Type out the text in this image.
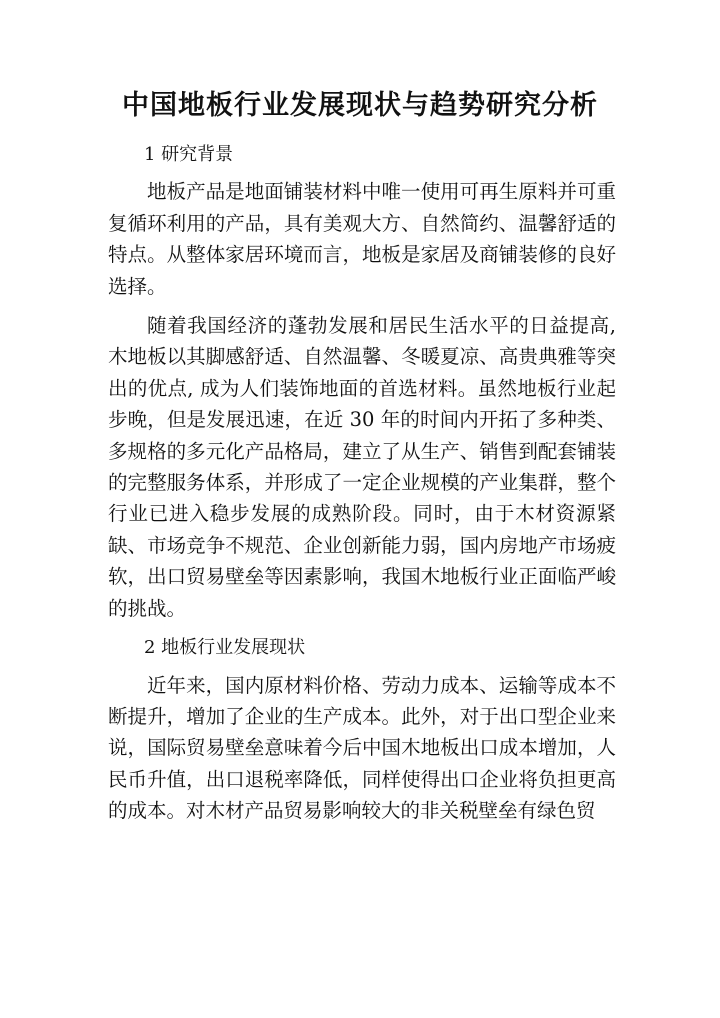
中国地板行业发展现状与趋势研究分析

1 研究背景

地板产品是地面铺装材料中唯一使用可再生原料并可重复循环利用的产品，具有美观大方、自然简约、温馨舒适的特点。从整体家居环境而言，地板是家居及商铺装修的良好选择。

随着我国经济的蓬勃发展和居民生活水平的日益提高, 木地板以其脚感舒适、自然温馨、冬暖夏凉、高贵典雅等突出的优点, 成为人们装饰地面的首选材料。虽然地板行业起步晚，但是发展迅速，在近 30 年的时间内开拓了多种类、多规格的多元化产品格局，建立了从生产、销售到配套铺装的完整服务体系，并形成了一定企业规模的产业集群，整个行业已进入稳步发展的成熟阶段。同时，由于木材资源紧缺、市场竞争不规范、企业创新能力弱，国内房地产市场疲软，出口贸易壁垒等因素影响，我国木地板行业正面临严峻的挑战。

2 地板行业发展现状

近年来，国内原材料价格、劳动力成本、运输等成本不断提升，增加了企业的生产成本。此外，对于出口型企业来说，国际贸易壁垒意味着今后中国木地板出口成本增加，人民币升值，出口退税率降低，同样使得出口企业将负担更高的成本。对木材产品贸易影响较大的非关税壁垒有绿色贸
